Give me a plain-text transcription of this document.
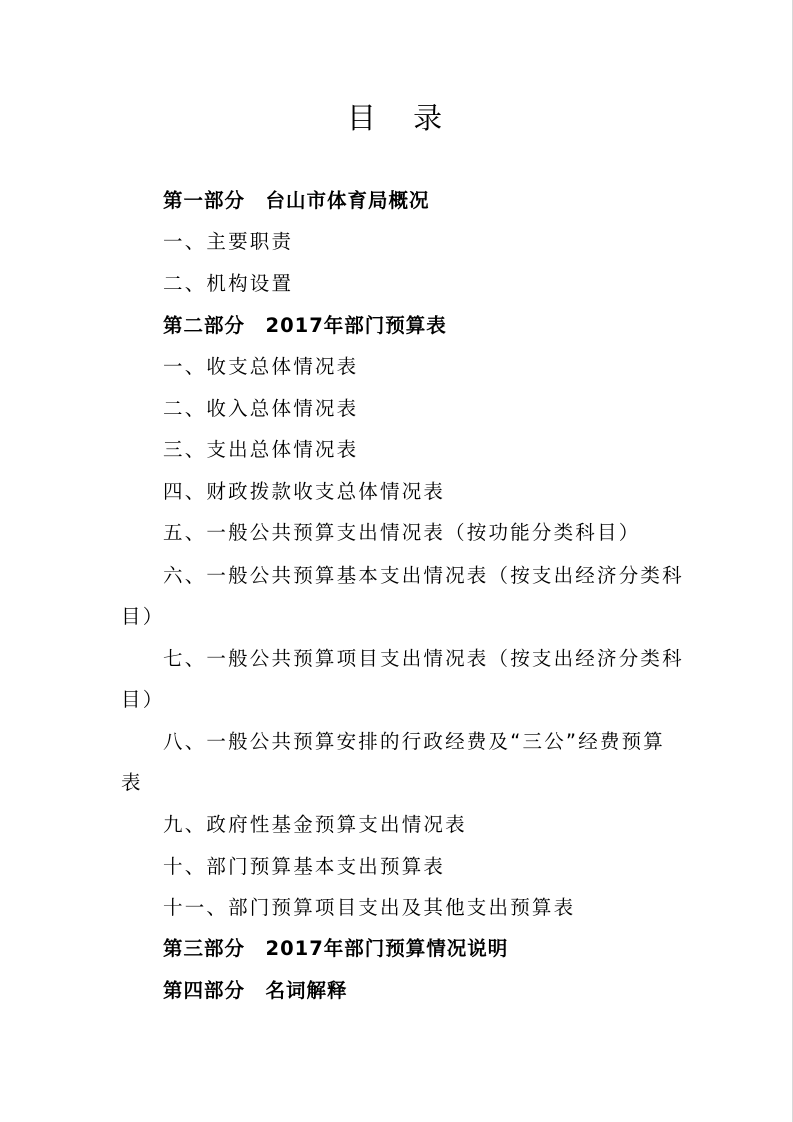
目 录
第一部分　台山市体育局概况
一、主要职责
二、机构设置
第二部分　2017年部门预算表
一、收支总体情况表
二、收入总体情况表
三、支出总体情况表
四、财政拨款收支总体情况表
五、一般公共预算支出情况表（按功能分类科目）
六、一般公共预算基本支出情况表（按支出经济分类科
目）
七、一般公共预算项目支出情况表（按支出经济分类科
目）
八、一般公共预算安排的行政经费及“三公”经费预算
表
九、政府性基金预算支出情况表
十、部门预算基本支出预算表
十一、部门预算项目支出及其他支出预算表
第三部分　2017年部门预算情况说明
第四部分　名词解释
